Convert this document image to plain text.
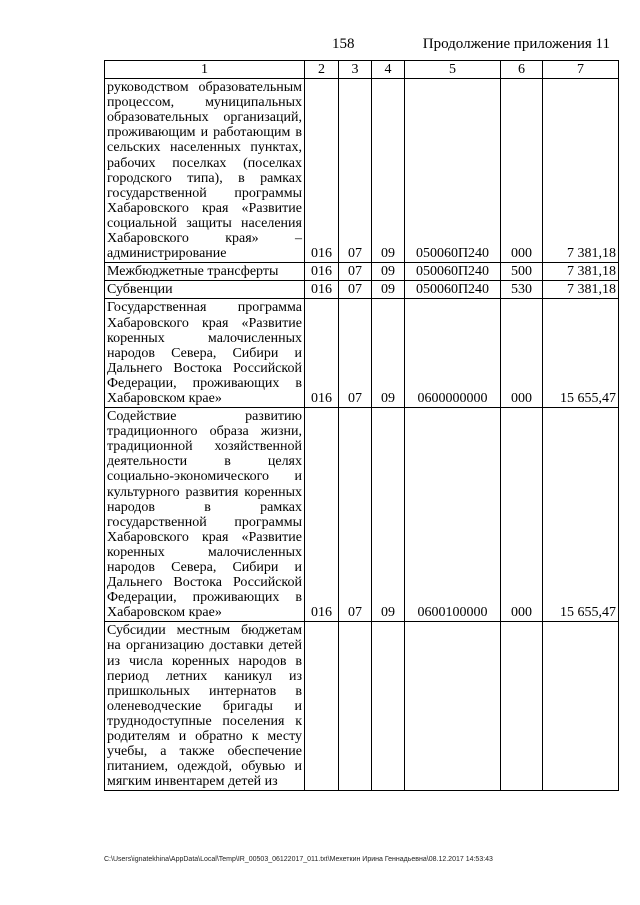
158	Продолжение приложения 11
1	2	3	4	5	6	7
руководством образовательным процессом, муниципальных образовательных организаций, проживающим и работающим в сельских населенных пунктах, рабочих поселках (поселках городского типа), в рамках государственной программы Хабаровского края «Развитие социальной защиты населения Хабаровского края» – администрирование	016	07	09	050060П240	000	7 381,18
Межбюджетные трансферты	016	07	09	050060П240	500	7 381,18
Субвенции	016	07	09	050060П240	530	7 381,18
Государственная программа Хабаровского края «Развитие коренных малочисленных народов Севера, Сибири и Дальнего Востока Российской Федерации, проживающих в Хабаровском крае»	016	07	09	0600000000	000	15 655,47
Содействие развитию традиционного образа жизни, традиционной хозяйственной деятельности в целях социально-экономического и культурного развития коренных народов в рамках государственной программы Хабаровского края «Развитие коренных малочисленных народов Севера, Сибири и Дальнего Востока Российской Федерации, проживающих в Хабаровском крае»	016	07	09	0600100000	000	15 655,47
Субсидии местным бюджетам на организацию доставки детей из числа коренных народов в период летних каникул из пришкольных интернатов в оленеводческие бригады и труднодоступные поселения к родителям и обратно к месту учебы, а также обеспечение питанием, одеждой, обувью и мягким инвентарем детей из						
C:\Users\ignatekhina\AppData\Local\Temp\IR_00503_06122017_011.txt\Мехеткин Ирина Геннадьевна\08.12.2017 14:53:43
